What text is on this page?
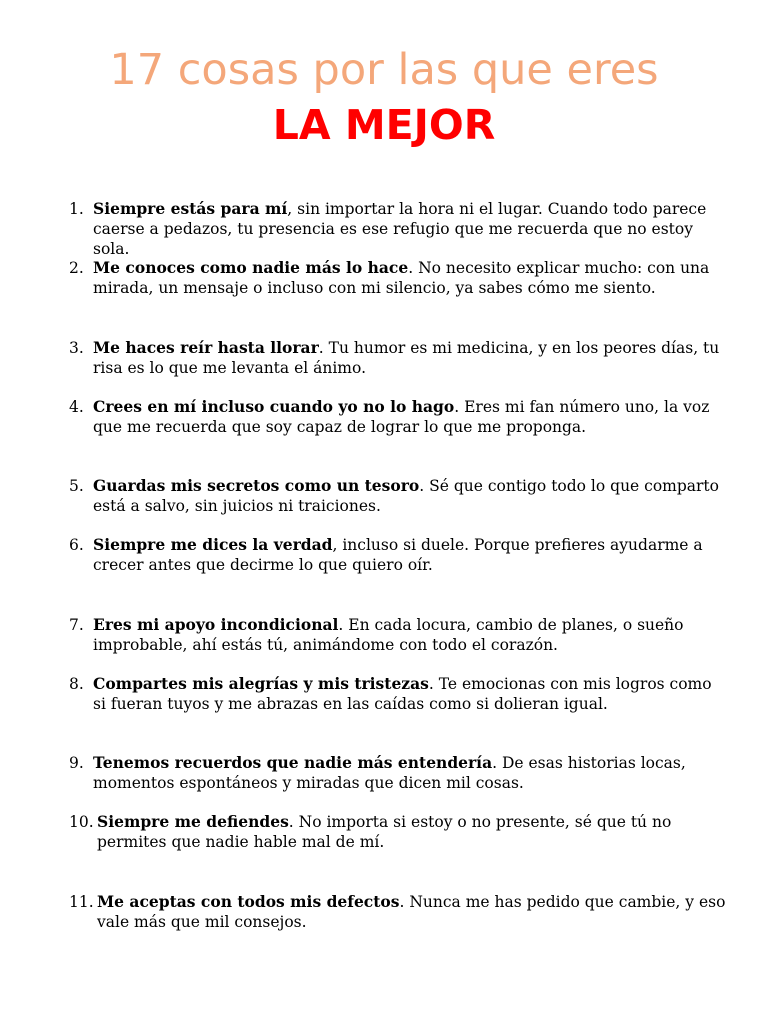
17 cosas por las que eres
LA MEJOR
1. Siempre estás para mí, sin importar la hora ni el lugar. Cuando todo parece caerse a pedazos, tu presencia es ese refugio que me recuerda que no estoy sola.
2. Me conoces como nadie más lo hace. No necesito explicar mucho: con una mirada, un mensaje o incluso con mi silencio, ya sabes cómo me siento.
3. Me haces reír hasta llorar. Tu humor es mi medicina, y en los peores días, tu risa es lo que me levanta el ánimo.
4. Crees en mí incluso cuando yo no lo hago. Eres mi fan número uno, la voz que me recuerda que soy capaz de lograr lo que me proponga.
5. Guardas mis secretos como un tesoro. Sé que contigo todo lo que comparto está a salvo, sin juicios ni traiciones.
6. Siempre me dices la verdad, incluso si duele. Porque prefieres ayudarme a crecer antes que decirme lo que quiero oír.
7. Eres mi apoyo incondicional. En cada locura, cambio de planes, o sueño improbable, ahí estás tú, animándome con todo el corazón.
8. Compartes mis alegrías y mis tristezas. Te emocionas con mis logros como si fueran tuyos y me abrazas en las caídas como si dolieran igual.
9. Tenemos recuerdos que nadie más entendería. De esas historias locas, momentos espontáneos y miradas que dicen mil cosas.
10. Siempre me defiendes. No importa si estoy o no presente, sé que tú no permites que nadie hable mal de mí.
11. Me aceptas con todos mis defectos. Nunca me has pedido que cambie, y eso vale más que mil consejos.
